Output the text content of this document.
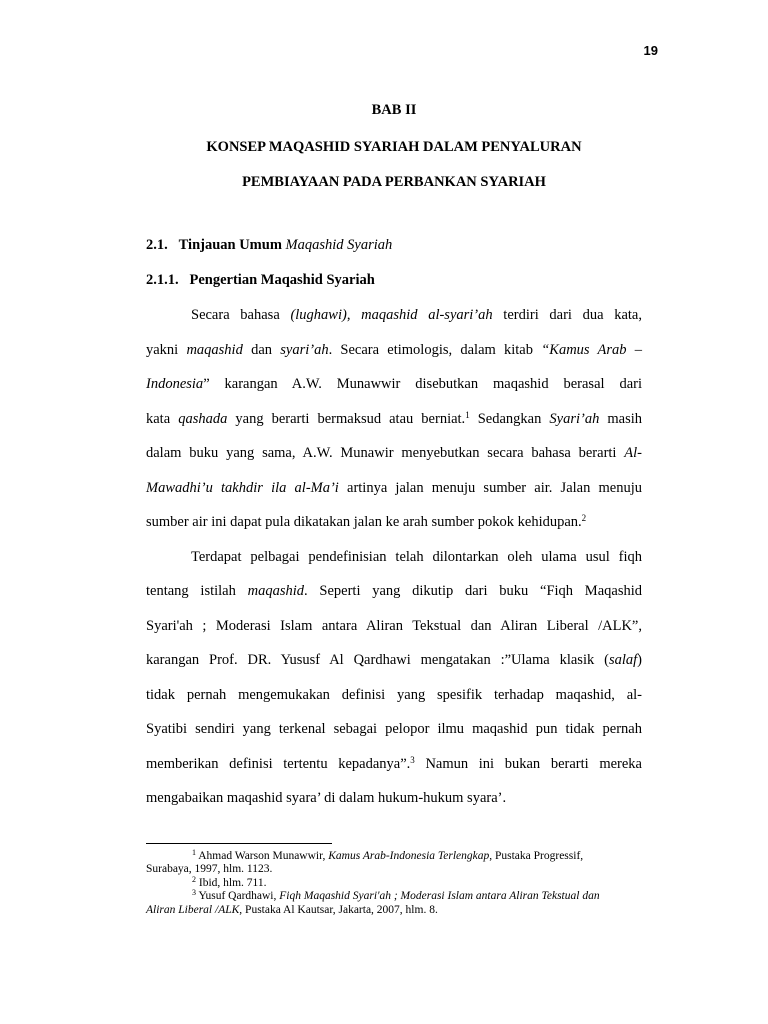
19
BAB II
KONSEP MAQASHID SYARIAH DALAM PENYALURAN
PEMBIAYAAN PADA PERBANKAN SYARIAH
2.1. Tinjauan Umum Maqashid Syariah
2.1.1. Pengertian Maqashid Syariah
Secara bahasa (lughawi), maqashid al-syari’ah terdiri dari dua kata,
yakni maqashid dan syari’ah. Secara etimologis, dalam kitab “Kamus Arab –
Indonesia” karangan A.W. Munawwir disebutkan maqashid berasal dari
kata qashada yang berarti bermaksud atau berniat.$^1$ Sedangkan Syari’ah masih
dalam buku yang sama, A.W. Munawir menyebutkan secara bahasa berarti Al-
Mawadhi’u takhdir ila al-Ma’i artinya jalan menuju sumber air. Jalan menuju
sumber air ini dapat pula dikatakan jalan ke arah sumber pokok kehidupan.$^2$
Terdapat pelbagai pendefinisian telah dilontarkan oleh ulama usul fiqh
tentang istilah maqashid. Seperti yang dikutip dari buku “Fiqh Maqashid
Syari'ah ; Moderasi Islam antara Aliran Tekstual dan Aliran Liberal /ALK”,
karangan Prof. DR. Yususf Al Qardhawi mengatakan :”Ulama klasik (salaf)
tidak pernah mengemukakan definisi yang spesifik terhadap maqashid, al-
Syatibi sendiri yang terkenal sebagai pelopor ilmu maqashid pun tidak pernah
memberikan definisi tertentu kepadanya”.$^3$ Namun ini bukan berarti mereka
mengabaikan maqashid syara’ di dalam hukum-hukum syara’.
$^1$ Ahmad Warson Munawwir, Kamus Arab-Indonesia Terlengkap, Pustaka Progressif,
Surabaya, 1997, hlm. 1123.
$^2$ Ibid, hlm. 711.
$^3$ Yusuf Qardhawi, Fiqh Maqashid Syari'ah ; Moderasi Islam antara Aliran Tekstual dan
Aliran Liberal /ALK, Pustaka Al Kautsar, Jakarta, 2007, hlm. 8.
